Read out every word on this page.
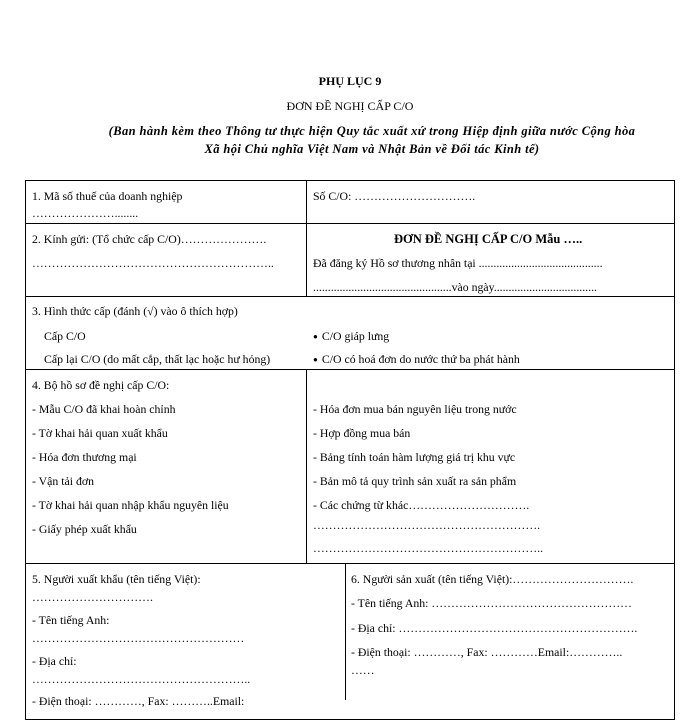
PHỤ LỤC 9
ĐƠN ĐỀ NGHỊ CẤP C/O
(Ban hành kèm theo Thông tư thực hiện Quy tắc xuất xứ trong Hiệp định giữa nước Cộng hòa Xã hội Chủ nghĩa Việt Nam và Nhật Bản về Đối tác Kinh tế)
1. Mã số thuế của doanh nghiệp
…………………........
Số C/O: ………………………….
2. Kính gửi: (Tổ chức cấp C/O)………………….
……………………………………………………..
ĐƠN ĐỀ NGHỊ CẤP C/O Mẫu …..
Đã đăng ký Hồ sơ thương nhân tại ..........................................
...............................................vào ngày...................................
3. Hình thức cấp (đánh (√) vào ô thích hợp)
Cấp C/O
Cấp lại C/O (do mất cắp, thất lạc hoặc hư hỏng)
● C/O giáp lưng
● C/O có hoá đơn do nước thứ ba phát hành
4. Bộ hồ sơ đề nghị cấp C/O:
- Mẫu C/O đã khai hoàn chỉnh
- Tờ khai hải quan xuất khẩu
- Hóa đơn thương mại
- Vận tải đơn
- Tờ khai hải quan nhập khẩu nguyên liệu
- Giấy phép xuất khẩu
- Hóa đơn mua bán nguyên liệu trong nước
- Hợp đồng mua bán
- Bảng tính toán hàm lượng giá trị khu vực
- Bản mô tả quy trình sản xuất ra sản phẩm
- Các chứng từ khác………………………….
………………………………………………….
…………………………………………………..
5. Người xuất khẩu (tên tiếng Việt):
………………………….
- Tên tiếng Anh:
………………………………………………
- Địa chỉ:
………………………………………………..
- Điện thoại: …………, Fax: ………..Email:
6. Người sản xuất (tên tiếng Việt):………………………….
- Tên tiếng Anh: ……………………………………………
- Địa chỉ: …………………………………………………….
- Điện thoại: …………, Fax: …………Email:…………..
……
